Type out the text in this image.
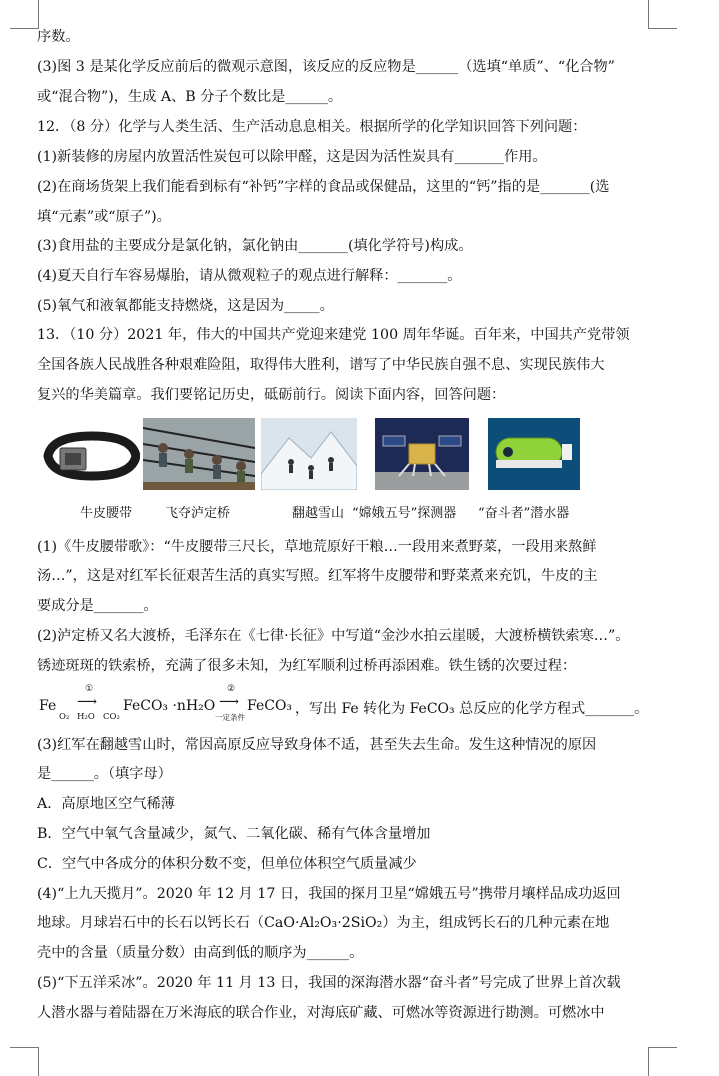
序数。
(3)图 3 是某化学反应前后的微观示意图，该反应的反应物是______（选填“单质”、“化合物”
或“混合物”)，生成 A、B 分子个数比是______。
12．（8 分）化学与人类生活、生产活动息息相关。根据所学的化学知识回答下列问题：
(1)新装修的房屋内放置活性炭包可以除甲醛，这是因为活性炭具有_______作用。
(2)在商场货架上我们能看到标有“补钙”字样的食品或保健品，这里的“钙”指的是_______(选
填“元素”或“原子”)。
(3)食用盐的主要成分是氯化钠，氯化钠由_______(填化学符号)构成。
(4)夏天自行车容易爆胎，请从微观粒子的观点进行解释：_______。
(5)氧气和液氧都能支持燃烧，这是因为_____。
13．（10 分）2021 年，伟大的中国共产党迎来建党 100 周年华诞。百年来，中国共产党带领
全国各族人民战胜各种艰难险阻，取得伟大胜利，谱写了中华民族自强不息、实现民族伟大
复兴的华美篇章。我们要铭记历史，砥砺前行。阅读下面内容，回答问题：
(1)《牛皮腰带歌》：“牛皮腰带三尺长，草地荒原好干粮…一段用来煮野菜，一段用来熬鲜
汤…”，这是对红军长征艰苦生活的真实写照。红军将牛皮腰带和野菜煮来充饥，牛皮的主
要成分是_______。
(2)泸定桥又名大渡桥，毛泽东在《七律·长征》中写道“金沙水拍云崖暖，大渡桥横铁索寒…”。
锈迹斑斑的铁索桥，充满了很多未知，为红军顺利过桥再添困难。铁生锈的次要过程：
(3)红军在翻越雪山时，常因高原反应导致身体不适，甚至失去生命。发生这种情况的原因
是______。（填字母）
A．高原地区空气稀薄
B．空气中氧气含量减少，氮气、二氧化碳、稀有气体含量增加
C．空气中各成分的体积分数不变，但单位体积空气质量减少
(4)“上九天揽月”。2020 年 12 月 17 日，我国的探月卫星“嫦娥五号”携带月壤样品成功返回
地球。月球岩石中的长石以钙长石（CaO·Al₂O₃·2SiO₂）为主，组成钙长石的几种元素在地
壳中的含量（质量分数）由高到低的顺序为______。
(5)“下五洋采冰”。2020 年 11 月 13 日，我国的深海潜水器“奋斗者”号完成了世界上首次载
人潜水器与着陆器在万米海底的联合作业，对海底矿藏、可燃冰等资源进行勘测。可燃冰中
牛皮腰带	飞夺泸定桥	翻越雪山 “嫦娥五号”探测器 “奋斗者”潜水器
Fe
①
⟶
O₂ H₂O CO₂
FeCO₃ ·nH₂O
②
⟶
一定条件
FeCO₃ ，写出 Fe 转化为 FeCO₃ 总反应的化学方程式_______。
